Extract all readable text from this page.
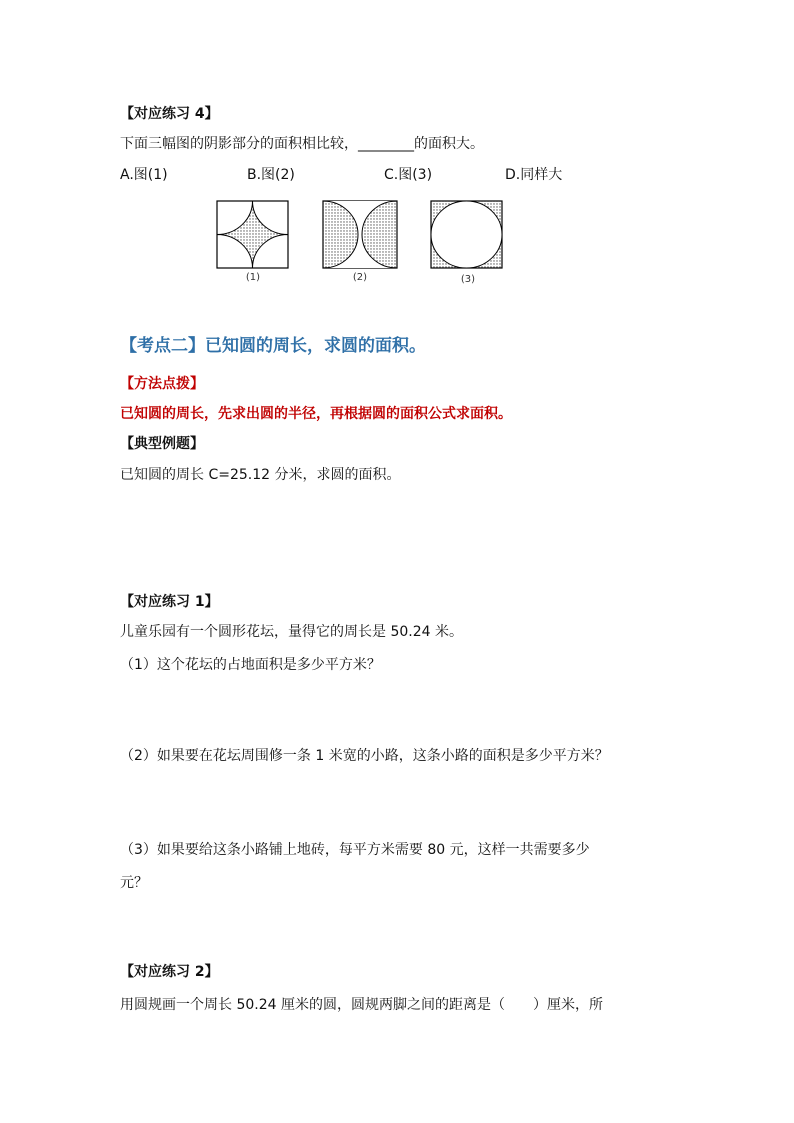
【对应练习 4】
下面三幅图的阴影部分的面积相比较，________的面积大。
A.图(1)	B.图(2)	C.图(3)	D.同样大
(1)	(2)	(3)
【考点二】已知圆的周长，求圆的面积。
【方法点拨】
已知圆的周长，先求出圆的半径，再根据圆的面积公式求面积。
【典型例题】
已知圆的周长 C=25.12 分米，求圆的面积。
【对应练习 1】
儿童乐园有一个圆形花坛，量得它的周长是 50.24 米。
（1）这个花坛的占地面积是多少平方米？
（2）如果要在花坛周围修一条 1 米宽的小路，这条小路的面积是多少平方米？
（3）如果要给这条小路铺上地砖，每平方米需要 80 元，这样一共需要多少
元？
【对应练习 2】
用圆规画一个周长 50.24 厘米的圆，圆规两脚之间的距离是（　　）厘米，所
